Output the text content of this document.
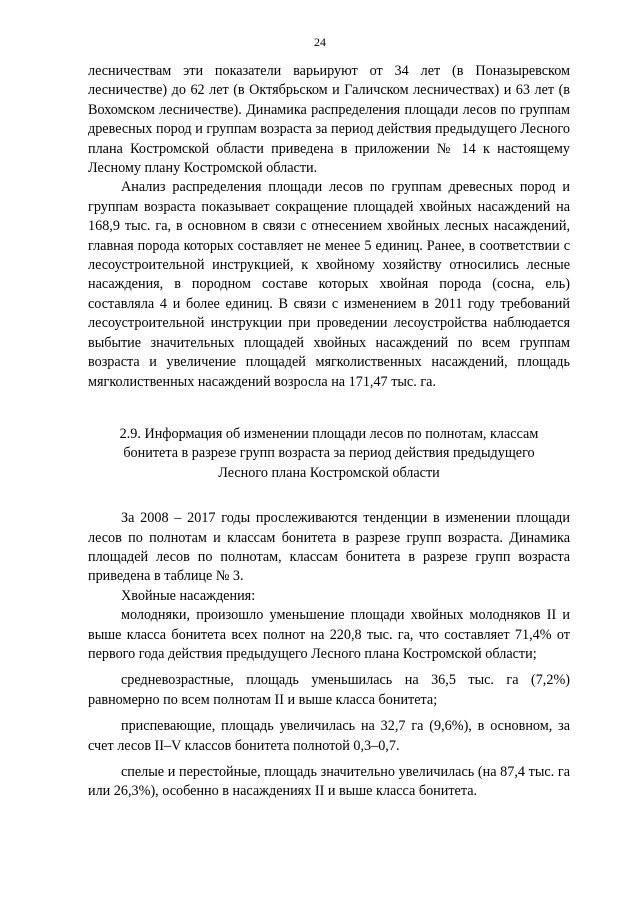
24

лесничествам эти показатели варьируют от 34 лет (в Поназыревском лесничестве) до 62 лет (в Октябрьском и Галичском лесничествах) и 63 лет (в Вохомском лесничестве). Динамика распределения площади лесов по группам древесных пород и группам возраста за период действия предыдущего Лесного плана Костромской области приведена в приложении № 14 к настоящему Лесному плану Костромской области.

Анализ распределения площади лесов по группам древесных пород и группам возраста показывает сокращение площадей хвойных насаждений на 168,9 тыс. га, в основном в связи с отнесением хвойных лесных насаждений, главная порода которых составляет не менее 5 единиц. Ранее, в соответствии с лесоустроительной инструкцией, к хвойному хозяйству относились лесные насаждения, в породном составе которых хвойная порода (сосна, ель) составляла 4 и более единиц. В связи с изменением в 2011 году требований лесоустроительной инструкции при проведении лесоустройства наблюдается выбытие значительных площадей хвойных насаждений по всем группам возраста и увеличение площадей мягколиственных насаждений, площадь мягколиственных насаждений возросла на 171,47 тыс. га.

2.9. Информация об изменении площади лесов по полнотам, классам
бонитета в разрезе групп возраста за период действия предыдущего
Лесного плана Костромской области

За 2008 – 2017 годы прослеживаются тенденции в изменении площади лесов по полнотам и классам бонитета в разрезе групп возраста. Динамика площадей лесов по полнотам, классам бонитета в разрезе групп возраста приведена в таблице № 3.

Хвойные насаждения:

молодняки, произошло уменьшение площади хвойных молодняков II и выше класса бонитета всех полнот на 220,8 тыс. га, что составляет 71,4% от первого года действия предыдущего Лесного плана Костромской области;

средневозрастные, площадь уменьшилась на 36,5 тыс. га (7,2%) равномерно по всем полнотам II и выше класса бонитета;

приспевающие, площадь увеличилась на 32,7 га (9,6%), в основном, за счет лесов II–V классов бонитета полнотой 0,3–0,7.

спелые и перестойные, площадь значительно увеличилась (на 87,4 тыс. га или 26,3%), особенно в насаждениях II и выше класса бонитета.
